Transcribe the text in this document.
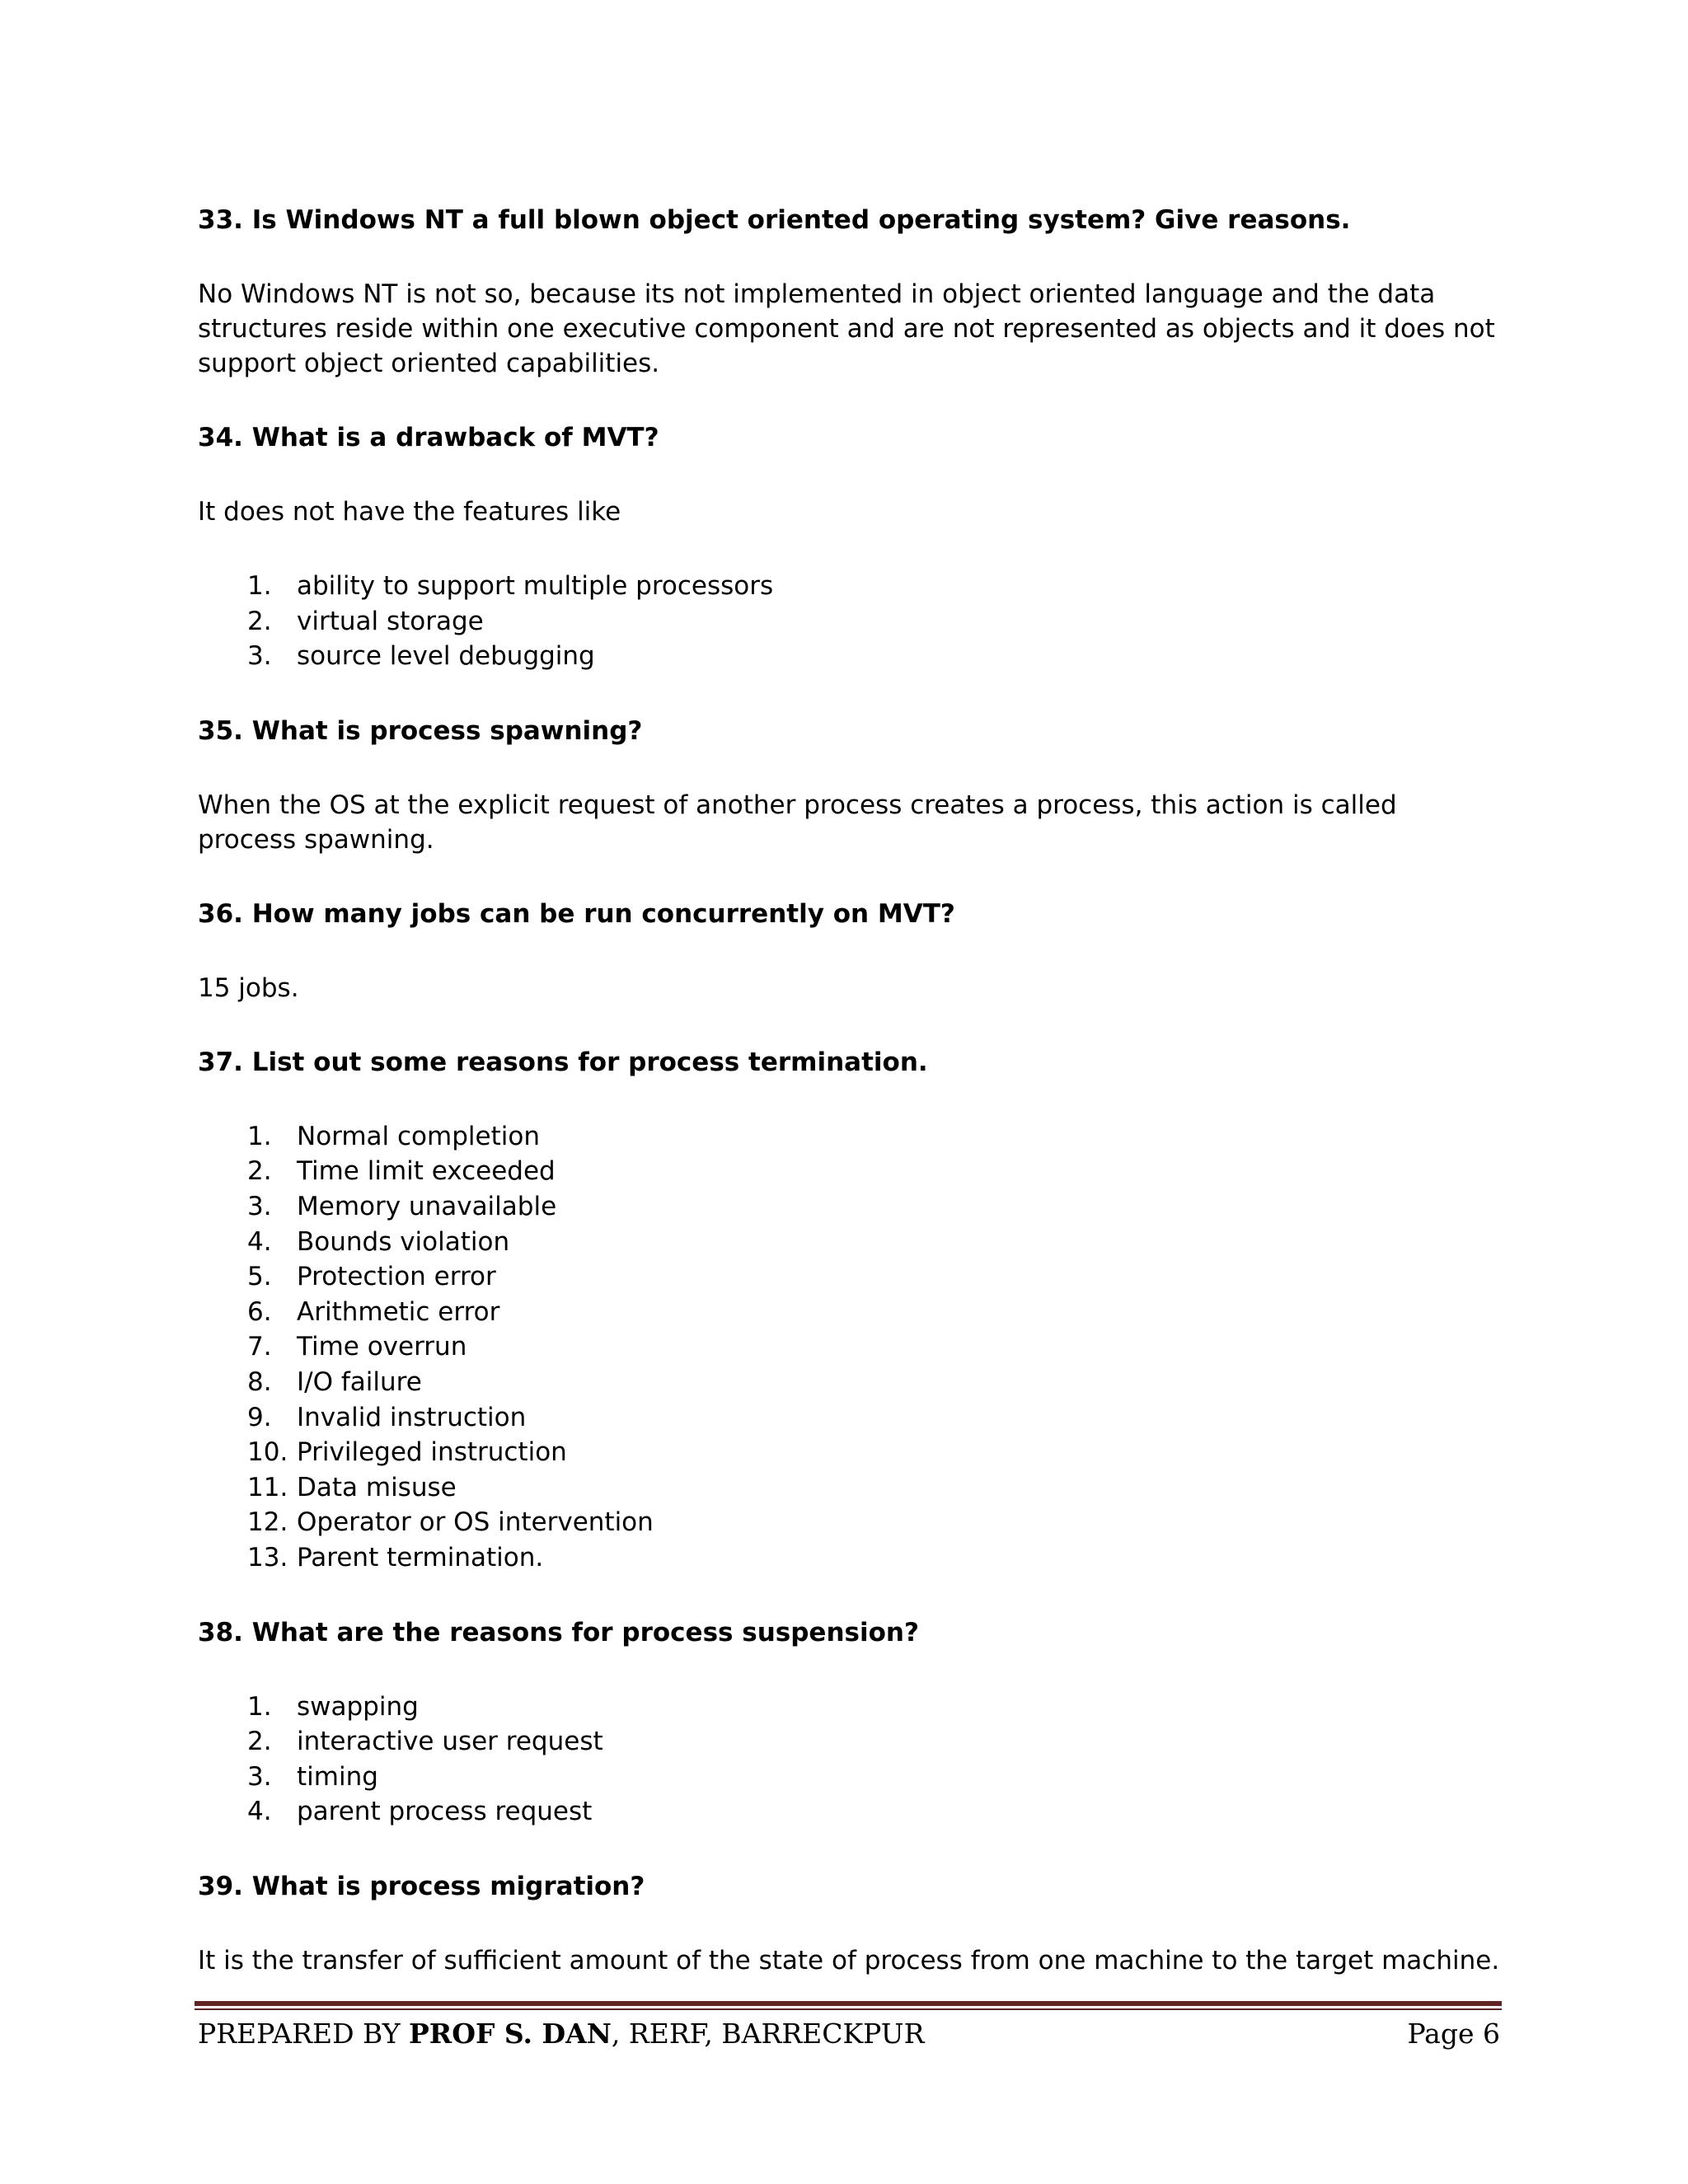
33. Is Windows NT a full blown object oriented operating system? Give reasons.
No Windows NT is not so, because its not implemented in object oriented language and the data structures reside within one executive component and are not represented as objects and it does not support object oriented capabilities.
34. What is a drawback of MVT?
It does not have the features like
1. ability to support multiple processors
2. virtual storage
3. source level debugging
35. What is process spawning?
When the OS at the explicit request of another process creates a process, this action is called process spawning.
36. How many jobs can be run concurrently on MVT?
15 jobs.
37. List out some reasons for process termination.
1. Normal completion
2. Time limit exceeded
3. Memory unavailable
4. Bounds violation
5. Protection error
6. Arithmetic error
7. Time overrun
8. I/O failure
9. Invalid instruction
10. Privileged instruction
11. Data misuse
12. Operator or OS intervention
13. Parent termination.
38. What are the reasons for process suspension?
1. swapping
2. interactive user request
3. timing
4. parent process request
39. What is process migration?
It is the transfer of sufficient amount of the state of process from one machine to the target machine.
PREPARED BY PROF S. DAN, RERF, BARRECKPUR	Page 6
